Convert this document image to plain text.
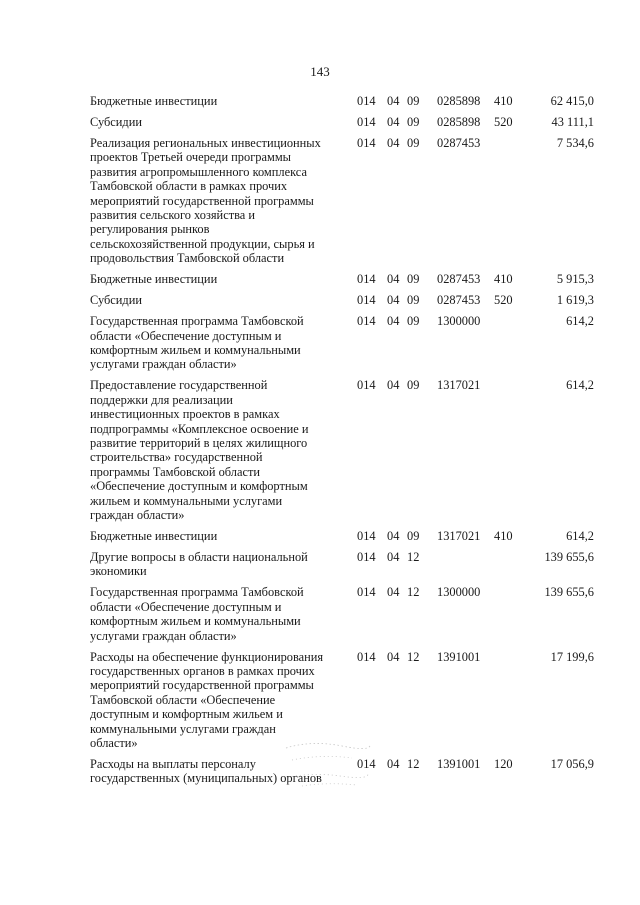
143
Бюджетные инвестиции	014 04 09 0285898 410	62 415,0
Субсидии	014 04 09 0285898 520	43 111,1
Реализация региональных инвестиционных
проектов Третьей очереди программы
развития агропромышленного комплекса
Тамбовской области в рамках прочих
мероприятий государственной программы
развития сельского хозяйства и
регулирования рынков
сельскохозяйственной продукции, сырья и
продовольствия Тамбовской области
014 04 09 0287453	7 534,6
Бюджетные инвестиции	014 04 09 0287453 410	5 915,3
Субсидии	014 04 09 0287453 520	1 619,3
Государственная программа Тамбовской
области «Обеспечение доступным и
комфортным жильем и коммунальными
услугами граждан области»
014 04 09 1300000	614,2
Предоставление государственной
поддержки для реализации
инвестиционных проектов в рамках
подпрограммы «Комплексное освоение и
развитие территорий в целях жилищного
строительства» государственной
программы Тамбовской области
«Обеспечение доступным и комфортным
жильем и коммунальными услугами
граждан области»
014 04 09 1317021	614,2
Бюджетные инвестиции	014 04 09 1317021 410	614,2
Другие вопросы в области национальной
экономики
014 04 12	139 655,6
Государственная программа Тамбовской
области «Обеспечение доступным и
комфортным жильем и коммунальными
услугами граждан области»
014 04 12 1300000	139 655,6
Расходы на обеспечение функционирования
государственных органов в рамках прочих
мероприятий государственной программы
Тамбовской области «Обеспечение
доступным и комфортным жильем и
коммунальными услугами граждан
области»
014 04 12 1391001	17 199,6
Расходы на выплаты персоналу
государственных (муниципальных) органов
014 04 12 1391001 120	17 056,9
